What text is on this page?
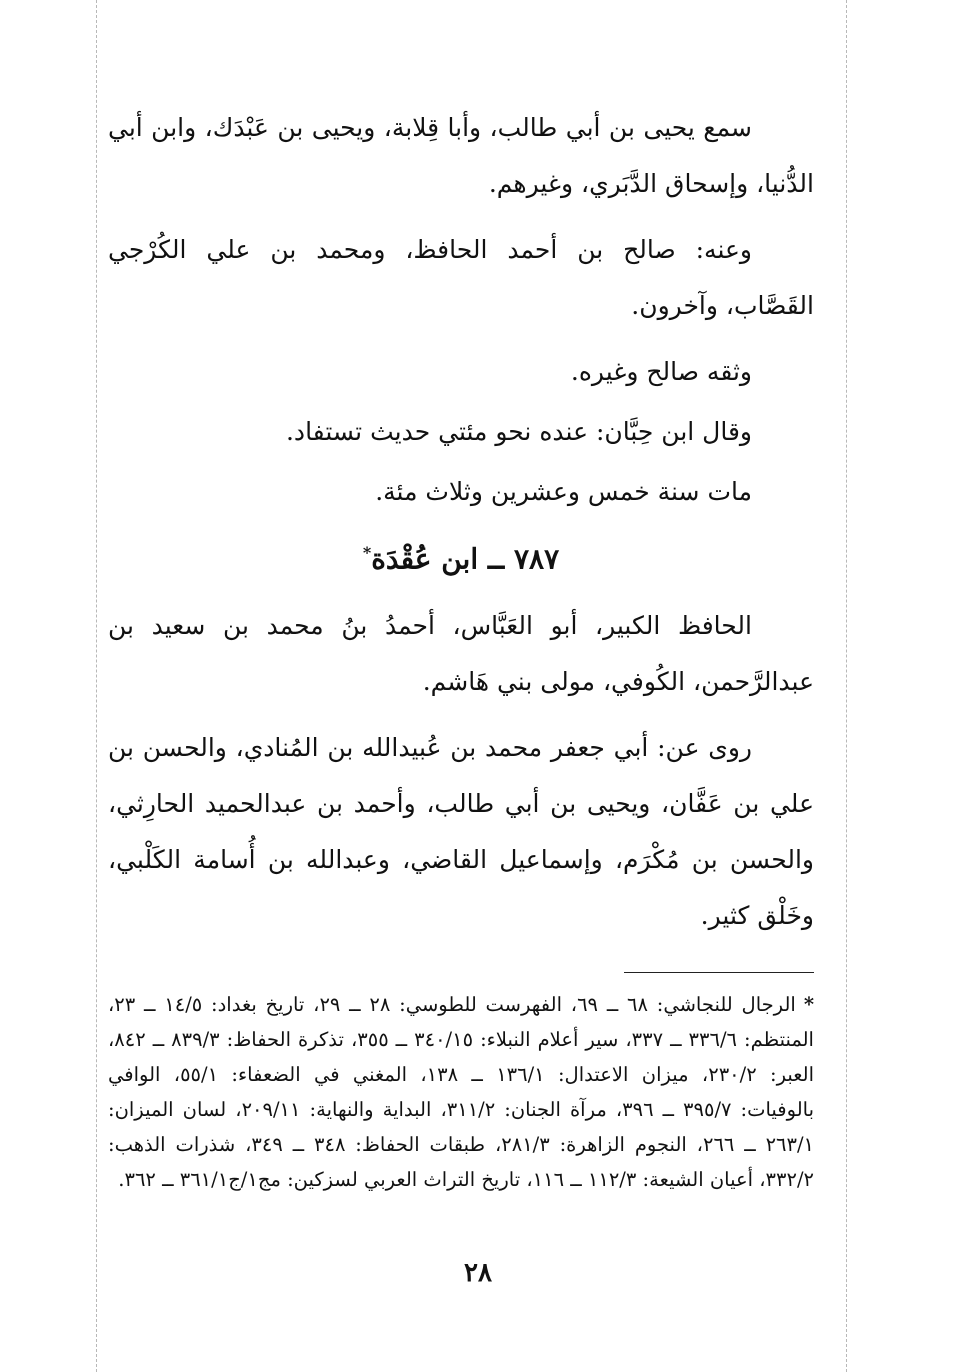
سمع يحيى بن أبي طالب، وأبا قِلابة، ويحيى بن عَبْدَك، وابن أبي الدُّنيا، وإسحاق الدَّبَري، وغيرهم.

وعنه: صالح بن أحمد الحافظ، ومحمد بن علي الكُرْجي القَصَّاب، وآخرون.

وثقه صالح وغيره.

وقال ابن حِبَّان: عنده نحو مئتي حديث تستفاد.

مات سنة خمس وعشرين وثلاث مئة.

٧٨٧ ــ ابن عُقْدَة*

الحافظ الكبير، أبو العَبَّاس، أحمدُ بنُ محمد بن سعيد بن عبدالرَّحمن، الكُوفي، مولى بني هَاشم.

روى عن: أبي جعفر محمد بن عُبيدالله بن المُنادي، والحسن بن علي بن عَفَّان، ويحيى بن أبي طالب، وأحمد بن عبدالحميد الحارِثي، والحسن بن مُكْرَم، وإسماعيل القاضي، وعبدالله بن أُسامة الكَلْبي، وخَلْق كثير.

*الرجال للنجاشي: ٦٨ ــ ٦٩، الفهرست للطوسي: ٢٨ ــ ٢٩، تاريخ بغداد: ١٤/٥ ــ ٢٣، المنتظم: ٣٣٦/٦ ــ ٣٣٧، سير أعلام النبلاء: ٣٤٠/١٥ ــ ٣٥٥، تذكرة الحفاظ: ٨٣٩/٣ ــ ٨٤٢، العبر: ٢٣٠/٢، ميزان الاعتدال: ١٣٦/١ ــ ١٣٨، المغني في الضعفاء: ٥٥/١، الوافي بالوفيات: ٣٩٥/٧ ــ ٣٩٦، مرآة الجنان: ٣١١/٢، البداية والنهاية: ٢٠٩/١١، لسان الميزان: ٢٦٣/١ ــ ٢٦٦، النجوم الزاهرة: ٢٨١/٣، طبقات الحفاظ: ٣٤٨ ــ ٣٤٩، شذرات الذهب: ٣٣٢/٢، أعيان الشيعة: ١١٢/٣ ــ ١١٦، تاريخ التراث العربي لسزكين: مج١/ج٣٦١/١ ــ ٣٦٢.

٢٨
